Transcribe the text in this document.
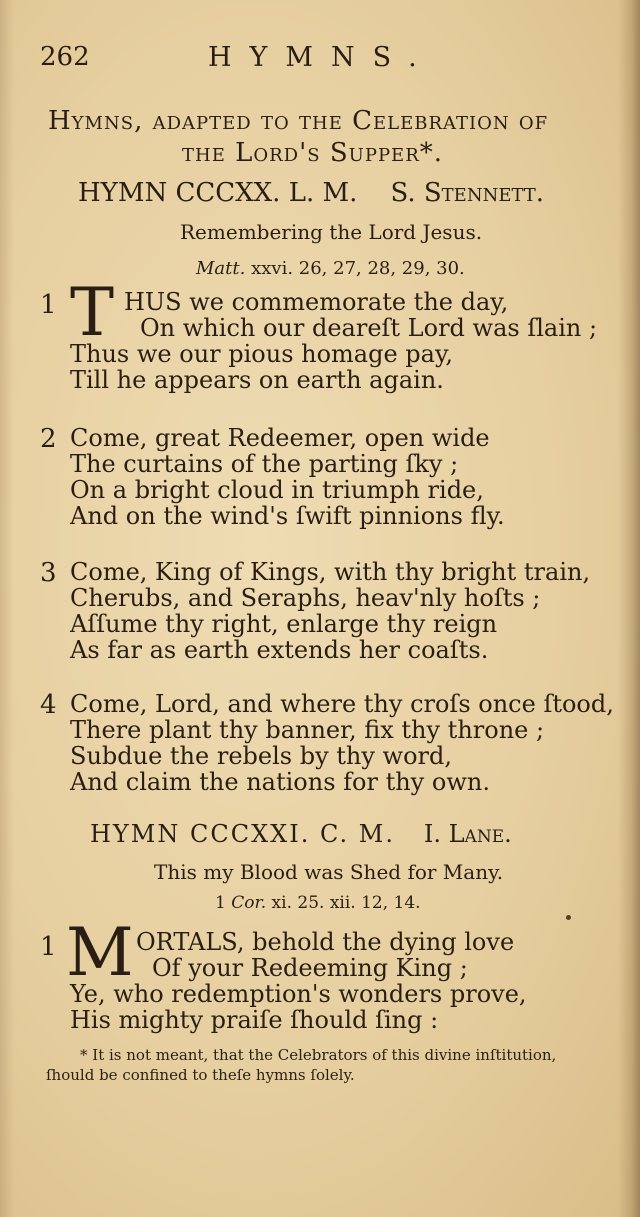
262	HYMNS.
Hymns, adapted to the Celebration of
the Lord's Supper*.
HYMN CCCXX. L. M. S. Stennett.
Remembering the Lord Jesus.
Matt. xxvi. 26, 27, 28, 29, 30.
1 T HUS we commemorate the day,
On which our deareſt Lord was ſlain ;
Thus we our pious homage pay,
Till he appears on earth again.
2 Come, great Redeemer, open wide
The curtains of the parting ſky ;
On a bright cloud in triumph ride,
And on the wind's ſwift pinnions fly.
3 Come, King of Kings, with thy bright train,
Cherubs, and Seraphs, heav'nly hoſts ;
Aſſume thy right, enlarge thy reign
As far as earth extends her coaſts.
4 Come, Lord, and where thy croſs once ſtood,
There plant thy banner, fix thy throne ;
Subdue the rebels by thy word,
And claim the nations for thy own.
HYMN CCCXXI. C. M. I. Lane.
This my Blood was Shed for Many.
1 Cor. xi. 25. xii. 12, 14.
1 M ORTALS, behold the dying love
Of your Redeeming King ;
Ye, who redemption's wonders prove,
His mighty praiſe ſhould ſing :
* It is not meant, that the Celebrators of this divine inſtitution,
ſhould be confined to theſe hymns ſolely.
